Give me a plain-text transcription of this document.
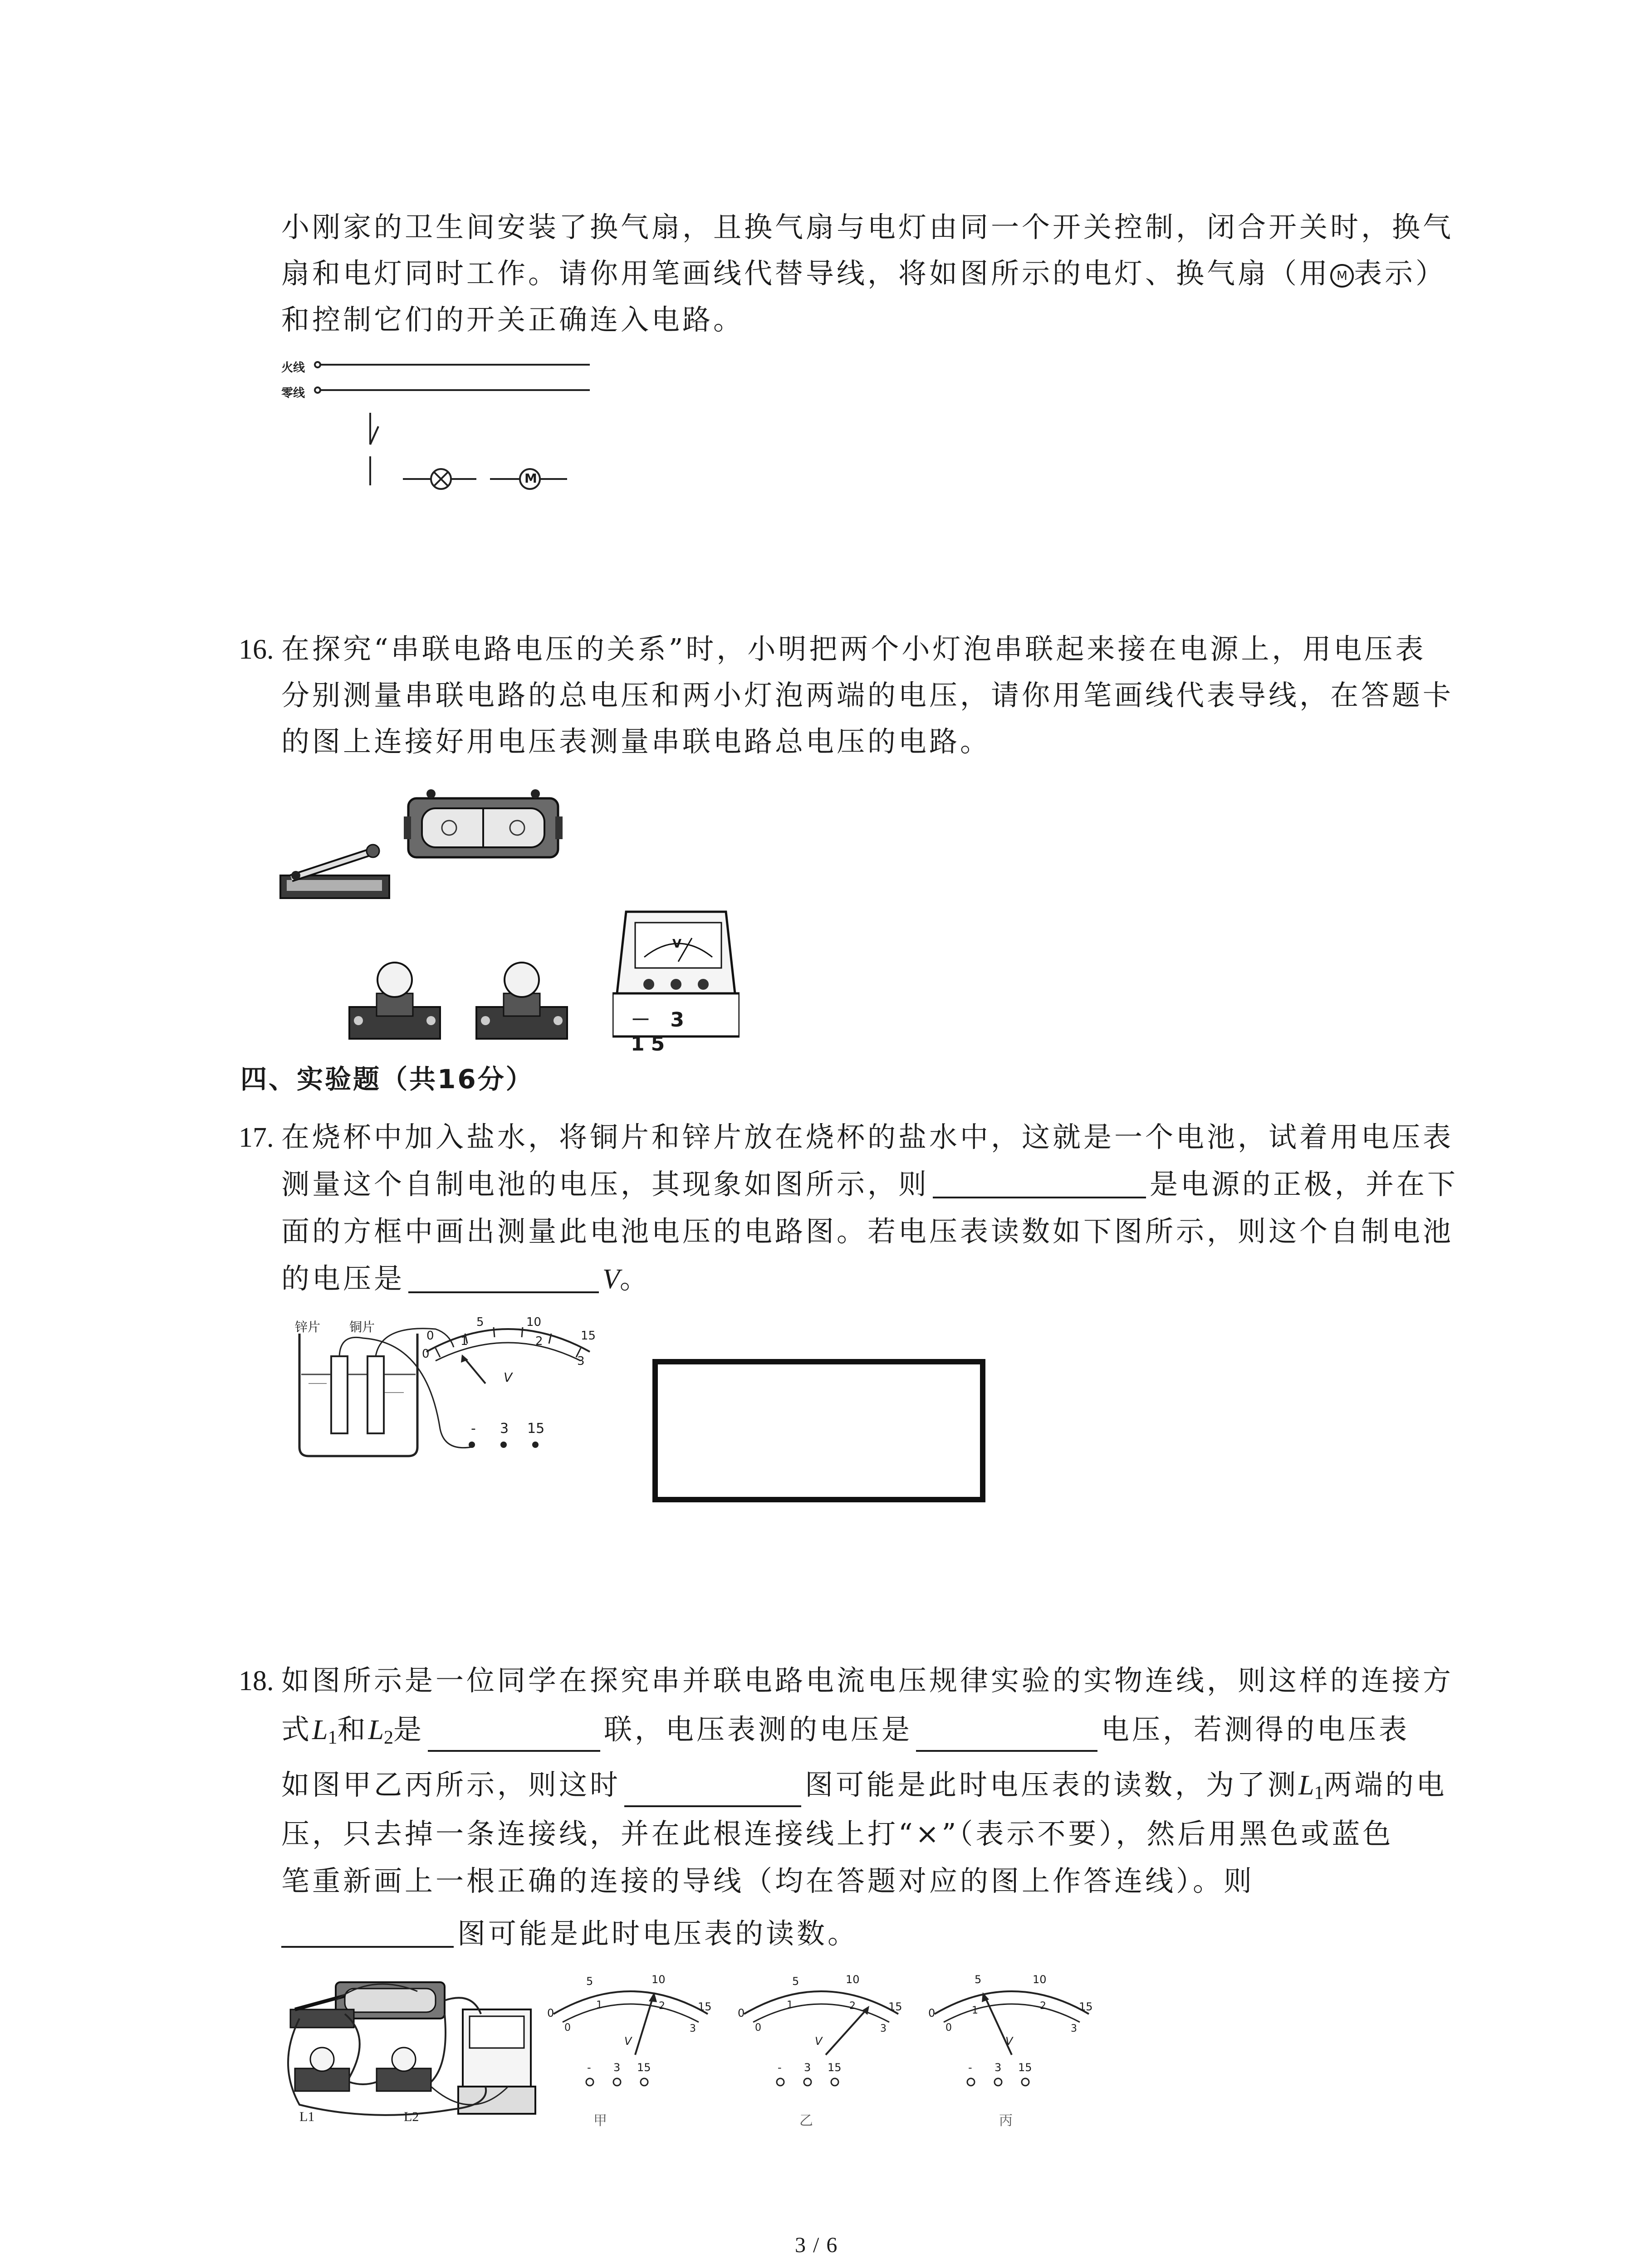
小刚家的卫生间安装了换气扇，且换气扇与电灯由同一个开关控制，闭合开关时，换气
扇和电灯同时工作。请你用笔画线代替导线，将如图所示的电灯、换气扇（用 M 表示）
和控制它们的开关正确连入电路。
火线
零线
M
16. 在探究“串联电路电压的关系”时，小明把两个小灯泡串联起来接在电源上，用电压表
分别测量串联电路的总电压和两小灯泡两端的电压，请你用笔画线代表导线，在答题卡
的图上连接好用电压表测量串联电路总电压的电路。
V
－ 3 15
四、实验题（共16分）
17. 在烧杯中加入盐水，将铜片和锌片放在烧杯的盐水中，这就是一个电池，试着用电压表
测量这个自制电池的电压，其现象如图所示，则	是电源的正极，并在下
面的方框中画出测量此电池电压的电路图。若电压表读数如下图所示，则这个自制电池
的电压是	V。
锌片 铜片
0
1	2
3
0
5	10
15
V
- 3 15
18. 如图所示是一位同学在探究串并联电路电流电压规律实验的实物连线，则这样的连接方
式$L_1$和$L_2$是	联，电压表测的电压是	电压，若测得的电压表
如图甲乙丙所示，则这时	图可能是此时电压表的读数，为了测$L_1$两端的电
压，只去掉一条连接线，并在此根连接线上打“×”（表示不要），然后用黑色或蓝色
笔重新画上一根正确的连接的导线（均在答题对应的图上作答连线）。则
图可能是此时电压表的读数。
L1	L2
0
5	10
15
0
1	2
3
V
- 3 15
甲
0
5	10
15
0
1	2
3
V
- 3 15
乙
0
5	10
15
0
1	2
3
V
- 3 15
丙
3 / 6
